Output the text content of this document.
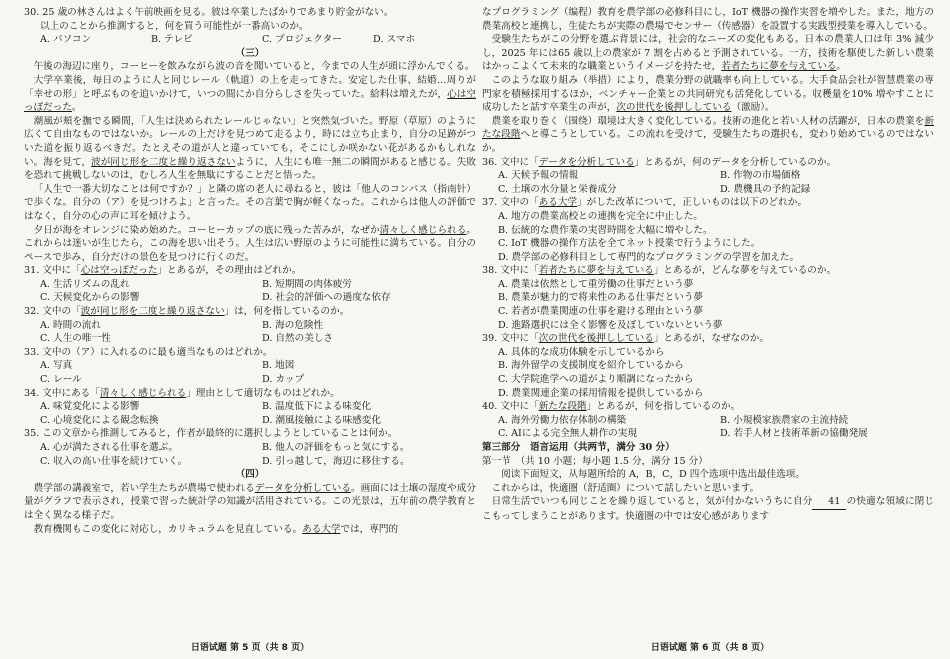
30. 25 歳の林さんはよく午前映画を見る。彼は卒業したばかりであまり貯金がない。

以上のことから推測すると，何を買う可能性が一番高いのか。

A. パソコン	B. テレビ	C. プロジェクター	D. スマホ

（三）

午後の海辺に座り，コーヒーを飲みながら波の音を聞いていると，今までの人生が頭に浮かんでくる。

大学卒業後，毎日のように人と同じレール（軌道）の上を走ってきた。安定した仕事、結婚…周りが「幸せの形」と呼ぶものを追いかけて，いつの間にか自分らしさを失っていた。給料は増えたが，心は空っぽだった。

潮風が頬を撫でる瞬間，「人生は決められたレールじゃない」と突然気づいた。野原（草原）のように広くて自由なものではないか。レールの上だけを見つめて走るより，時には立ち止まり，自分の足跡がついた道を振り返るべきだ。たとえその道が人と違っていても，そこにしか咲かない花があるかもしれない。海を見て，波が同じ形を二度と繰り返さないように，人生にも唯一無二の瞬間があると感じる。失敗を恐れて挑戦しないのは，むしろ人生を無駄にすることだと悟った。

「人生で一番大切なことは何ですか？」と隣の席の老人に尋ねると，彼は「他人のコンパス（指南针）で歩くな。自分の（ア）を見つけろよ」と言った。その言葉で胸が軽くなった。これからは他人の評価ではなく，自分の心の声に耳を傾けよう。

夕日が海をオレンジに染め始めた。コーヒーカップの底に残った苦みが，なぜか清々しく感じられる。これからは迷いが生じたら，この海を思い出そう。人生は広い野原のように可能性に満ちている。自分のペースで歩み，自分だけの景色を見つけに行くのだ。

31. 文中に「心は空っぽだった」とあるが，その理由はどれか。

A. 生活リズムの乱れ	B. 短期間の肉体疲労
C. 天候変化からの影響	D. 社会的評価への過度な依存

32. 文中の「波が同じ形を二度と繰り返さない」は，何を指しているのか。

A. 時間の流れ	B. 海の危険性
C. 人生の唯一性	D. 自然の美しさ

33. 文中の（ア）に入れるのに最も適当なものはどれか。

A. 写真	B. 地図
C. レール	D. カップ

34. 文中にある「清々しく感じられる」理由として適切なものはどれか。

A. 味覚変化による影響	B. 温度低下による味変化
C. 心境変化による観念転換	D. 潮風接触による味感変化

35. この文章から推測してみると，作者が最終的に選択しようとしていることは何か。

A. 心が満たされる仕事を選ぶ。	B. 他人の評価をもっと気にする。
C. 収入の高い仕事を続けていく。	D. 引っ越して，海辺に移住する。

（四）

農学部の講義室で，若い学生たちが農場で使われるデータを分析している。画面には土壌の湿度や成分量がグラフで表示され，授業で習った統計学の知識が活用されている。この光景は，五年前の農学教育とは全く異なる様子だ。

教育機関もこの変化に対応し，カリキュラムを見直している。ある大学では，専門的

日语试题 第 5 页（共 8 页）

なプログラミング（编程）教育を農学部の必修科目にし，IoT 機器の操作実習を増やした。また，地方の農業高校と連携し，生徒たちが実際の農場でセンサー（传感器）を設置する実践型授業を導入している。

受験生たちがこの分野を選ぶ背景には，社会的なニーズの変化もある。日本の農業人口は年 3% 減少し，2025 年には65 歳以上の農家が 7 割を占めると予測されている。一方，技術を駆使した新しい農業はかっこよくて未来的な職業というイメージを持たせ，若者たちに夢を与えている。

このような取り組み（举措）により，農業分野の就職率も向上している。大手食品会社が智慧農業の専門家を積極採用するほか，ベンチャー企業との共同研究も活発化している。収穫量を10% 増やすことに成功したと話す卒業生の声が，次の世代を後押ししている（激励）。

農業を取り巻く（围绕）環境は大きく変化している。技術の進化と若い人材の活躍が，日本の農業を新たな段階へと導こうとしている。この流れを受けて，受験生たちの選択も，変わり始めているのではないか。

36. 文中に「データを分析している」とあるが，何のデータを分析しているのか。

A. 天候予報の情報	B. 作物の市場価格
C. 土壌の水分量と栄養成分	D. 農機具の予約記録

37. 文中の「ある大学」がした改革について，正しいものは以下のどれか。

A. 地方の農業高校との連携を完全に中止した。
B. 伝統的な農作業の実習時間を大幅に増やした。
C. IoT 機器の操作方法を全てネット授業で行うようにした。
D. 農学部の必修科目として専門的なプログラミングの学習を加えた。

38. 文中に「若者たちに夢を与えている」とあるが，どんな夢を与えているのか。

A. 農業は依然として重労働の仕事だという夢
B. 農業が魅力的で将来性のある仕事だという夢
C. 若者が農業関連の仕事を避ける理由という夢
D. 進路選択には全く影響を及ぼしていないという夢

39. 文中に「次の世代を後押ししている」とあるが，なぜなのか。

A. 具体的な成功体験を示しているから
B. 海外留学の支援制度を紹介しているから
C. 大学院進学への道がより順調になったから
D. 農業関連企業の採用情報を提供しているから

40. 文中に「新たな段階」とあるが，何を指しているのか。

A. 海外労働力依存体制の構築	B. 小規模家族農家の主流持続
C. AIによる完全無人耕作の実現	D. 若手人材と技術革新の協働発展

第三部分　语言运用（共两节，满分 30 分）

第一节　（共 10 小题；每小题 1.5 分，满分 15 分）

阅读下面短文，从每题所给的 A，B，C，D 四个选项中选出最佳选项。

これからは，快適圏（舒适圈）について話したいと思います。

日常生活でいつも同じことを繰り返していると，気が付かないうちに自分 41 の快適な領域に閉じこもってしまうことがあります。快適圏の中では安心感があります

日语试题 第 6 页（共 8 页）
